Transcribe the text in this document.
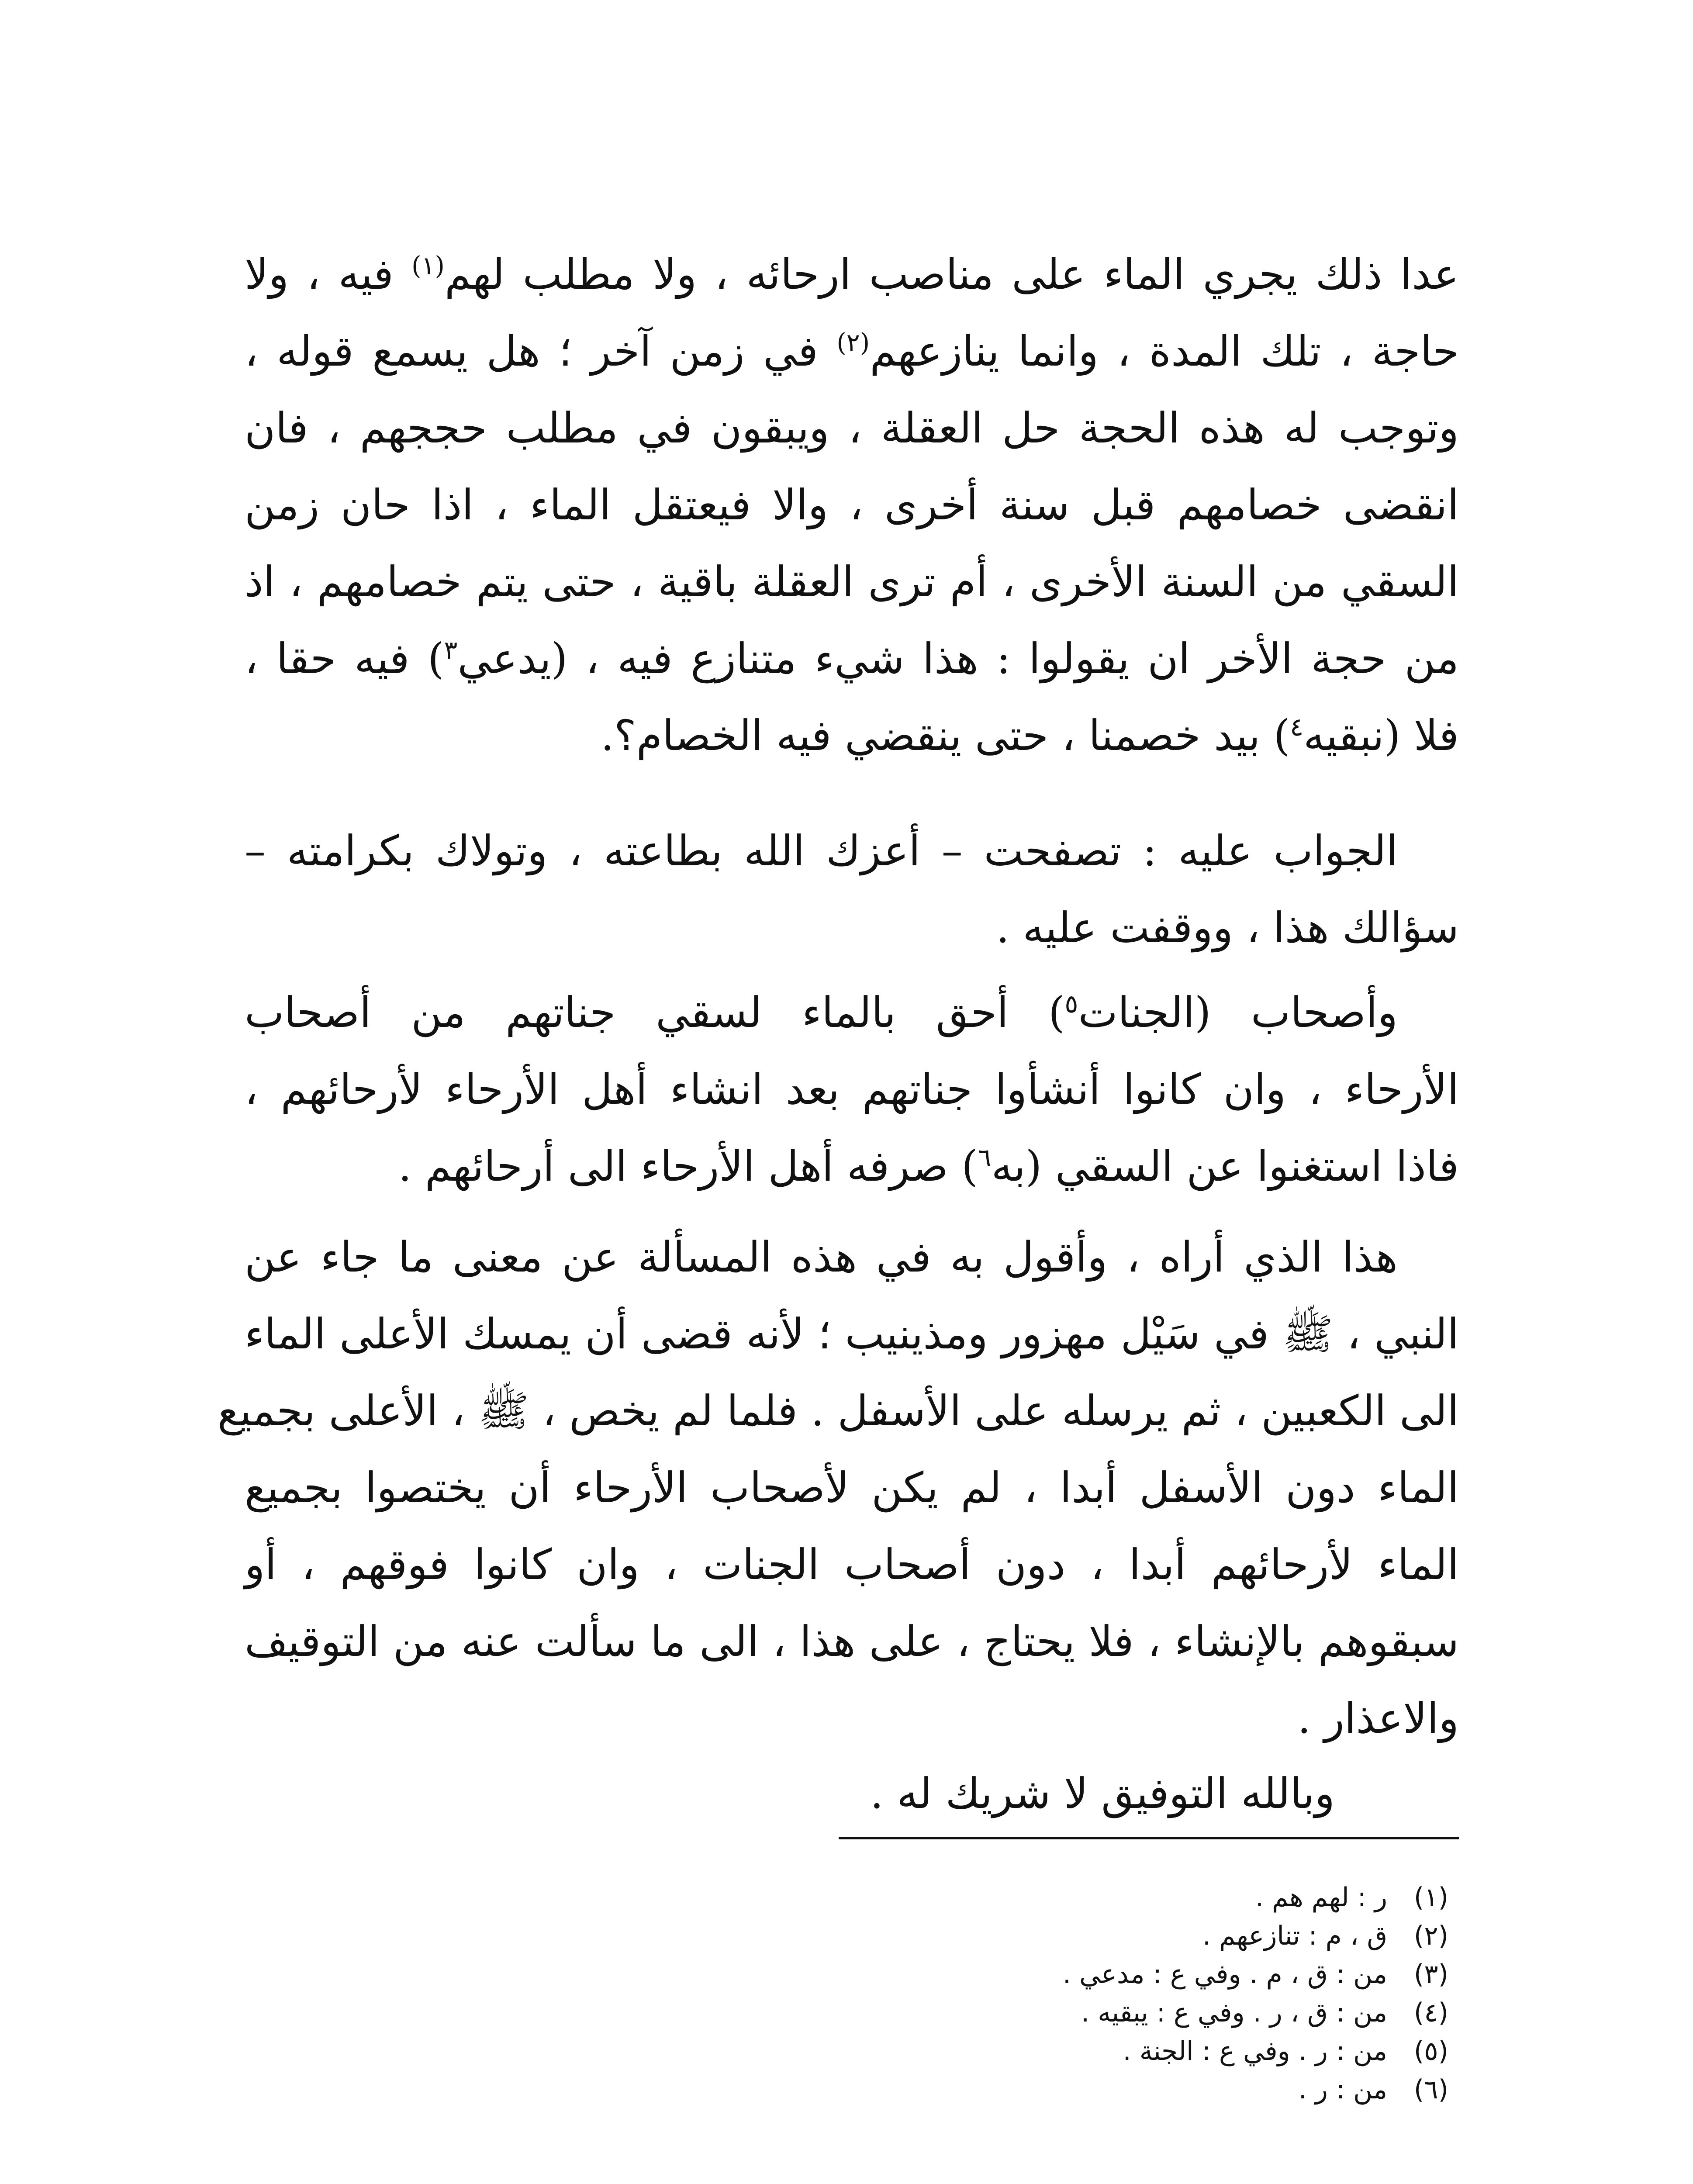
عدا ذلك يجري الماء على مناصب ارحائه ، ولا مطلب لهم$^{(١)}$ فيه ، ولا
حاجة ، تلك المدة ، وانما ينازعهم$^{(٢)}$ في زمن آخر ؛ هل يسمع قوله ،
وتوجب له هذه الحجة حل العقلة ، ويبقون في مطلب حججهم ، فان
انقضى خصامهم قبل سنة أخرى ، والا فيعتقل الماء ، اذا حان زمن
السقي من السنة الأخرى ، أم ترى العقلة باقية ، حتى يتم خصامهم ، اذ
من حجة الأخر ان يقولوا : هذا شيء متنازع فيه ، (يدعي$^٣$) فيه حقا ،
فلا (نبقيه$^٤$) بيد خصمنا ، حتى ينقضي فيه الخصام؟.
الجواب عليه : تصفحت – أعزك الله بطاعته ، وتولاك بكرامته –
سؤالك هذا ، ووقفت عليه .
وأصحاب (الجنات$^٥$) أحق بالماء لسقي جناتهم من أصحاب
الأرحاء ، وان كانوا أنشأوا جناتهم بعد انشاء أهل الأرحاء لأرحائهم ،
فاذا استغنوا عن السقي (به$^٦$) صرفه أهل الأرحاء الى أرحائهم .
هذا الذي أراه ، وأقول به في هذه المسألة عن معنى ما جاء عن
النبي ، ﷺ في سَيْل مهزور ومذينيب ؛ لأنه قضى أن يمسك الأعلى الماء
الى الكعبين ، ثم يرسله على الأسفل . فلما لم يخص ، ﷺ ، الأعلى بجميع
الماء دون الأسفل أبدا ، لم يكن لأصحاب الأرحاء أن يختصوا بجميع
الماء لأرحائهم أبدا ، دون أصحاب الجنات ، وان كانوا فوقهم ، أو
سبقوهم بالإنشاء ، فلا يحتاج ، على هذا ، الى ما سألت عنه من التوقيف
والاعذار .
وبالله التوفيق لا شريك له .
(١)ر : لهم هم .
(٢)ق ، م : تنازعهم .
(٣)من : ق ، م . وفي ع : مدعي .
(٤)من : ق ، ر . وفي ع : يبقيه .
(٥)من : ر . وفي ع : الجنة .
(٦)من : ر .
